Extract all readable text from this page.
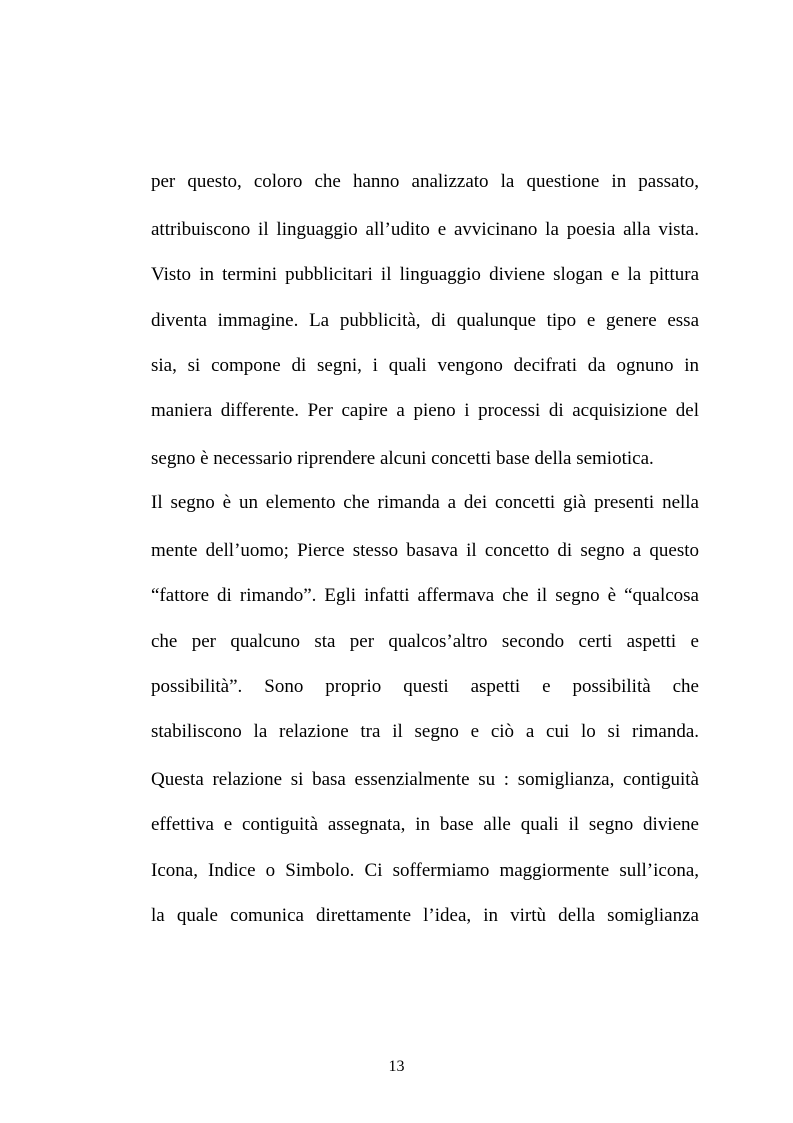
per questo, coloro che hanno analizzato la questione in passato,
attribuiscono il linguaggio all’udito e avvicinano la poesia alla vista.
Visto in termini pubblicitari il linguaggio diviene slogan e la pittura
diventa immagine. La pubblicità, di qualunque tipo e genere essa
sia, si compone di segni, i quali vengono decifrati da ognuno in
maniera differente. Per capire a pieno i processi di acquisizione del
segno è necessario riprendere alcuni concetti base della semiotica.
Il segno è un elemento che rimanda a dei concetti già presenti nella
mente dell’uomo; Pierce stesso basava il concetto di segno a questo
“fattore di rimando”. Egli infatti affermava che il segno è “qualcosa
che per qualcuno sta per qualcos’altro secondo certi aspetti e
possibilità”. Sono proprio questi aspetti e possibilità che
stabiliscono la relazione tra il segno e ciò a cui lo si rimanda.
Questa relazione si basa essenzialmente su : somiglianza, contiguità
effettiva e contiguità assegnata, in base alle quali il segno diviene
Icona, Indice o Simbolo. Ci soffermiamo maggiormente sull’icona,
la quale comunica direttamente l’idea, in virtù della somiglianza
13
